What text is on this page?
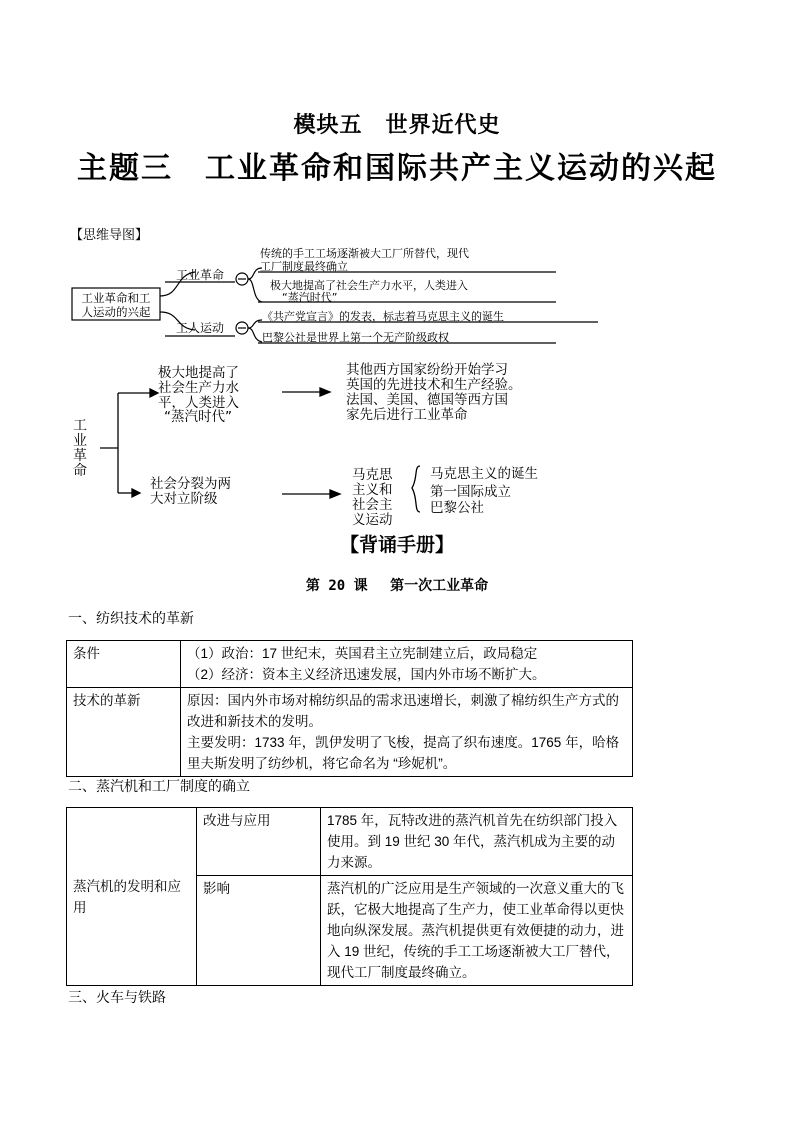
模块五　世界近代史
主题三　工业革命和国际共产主义运动的兴起
【思维导图】
工业革命和工
人运动的兴起
工业革命
工人运动
传统的手工工场逐渐被大工厂所替代，现代
工厂制度最终确立
极大地提高了社会生产力水平，人类进入
“蒸汽时代”
《共产党宣言》的发表，标志着马克思主义的诞生
巴黎公社是世界上第一个无产阶级政权
工
业
革
命
极大地提高了
社会生产力水
平，人类进入
“蒸汽时代”
其他西方国家纷纷开始学习
英国的先进技术和生产经验。
法国、美国、德国等西方国
家先后进行工业革命
社会分裂为两
大对立阶级
马克思
主义和
社会主
义运动
马克思主义的诞生
第一国际成立
巴黎公社
【背诵手册】
第 20 课　 第一次工业革命
一、纺织技术的革新
条件	（1）政治：17 世纪末，英国君主立宪制建立后，政局稳定
（2）经济：资本主义经济迅速发展，国内外市场不断扩大。

技术的革新	原因：国内外市场对棉纺织品的需求迅速增长，刺激了棉纺织生产方式的改进和新技术的发明。
主要发明：1733 年，凯伊发明了飞梭，提高了织布速度。1765 年，哈格里夫斯发明了纺纱机，将它命名为 “珍妮机”。
二、蒸汽机和工厂制度的确立
蒸汽机的发明和应用	改进与应用	1785 年，瓦特改进的蒸汽机首先在纺织部门投入使用。到 19 世纪 30 年代，蒸汽机成为主要的动力来源。
	影响	蒸汽机的广泛应用是生产领域的一次意义重大的飞跃，它极大地提高了生产力，使工业革命得以更快地向纵深发展。蒸汽机提供更有效便捷的动力，进入 19 世纪，传统的手工工场逐渐被大工厂替代，现代工厂制度最终确立。
三、火车与铁路
